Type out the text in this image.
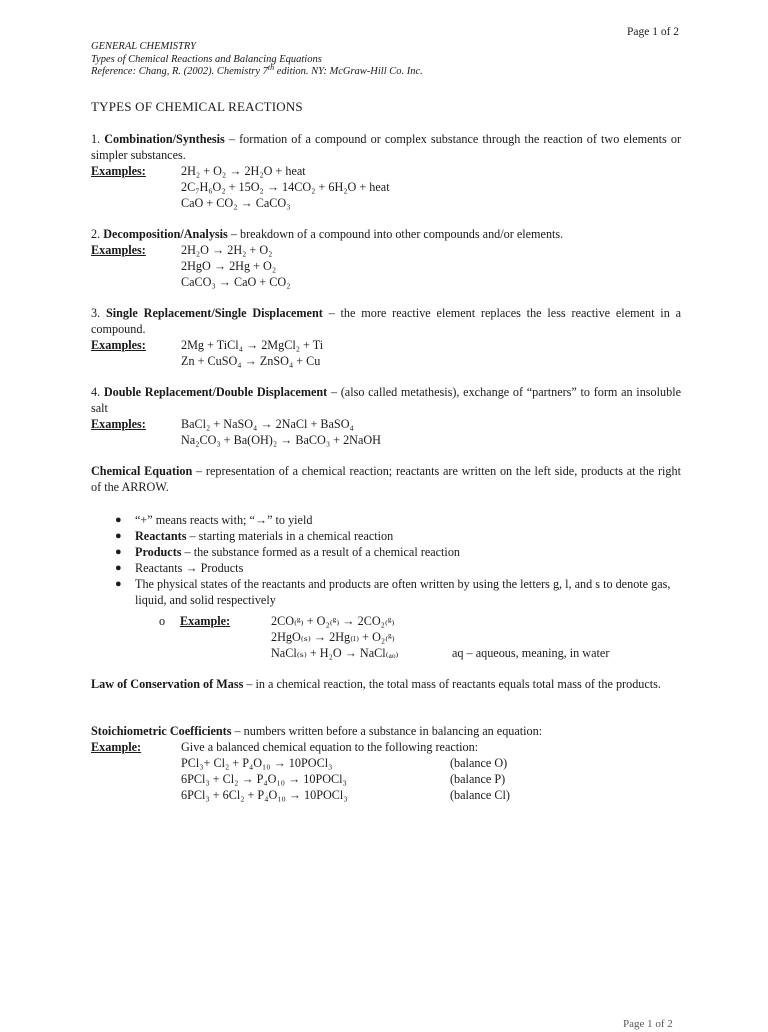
Page 1 of 2
GENERAL CHEMISTRY
Types of Chemical Reactions and Balancing Equations
Reference: Chang, R. (2002). Chemistry 7th edition. NY: McGraw-Hill Co. Inc.
TYPES OF CHEMICAL REACTIONS
1. Combination/Synthesis – formation of a compound or complex substance through the reaction of two elements or simpler substances.
Examples:	2H₂ + O₂ → 2H₂O + heat
2C₇H₆O₂ + 15O₂ → 14CO₂ + 6H₂O + heat
CaO + CO₂ → CaCO₃
2. Decomposition/Analysis – breakdown of a compound into other compounds and/or elements.
Examples:	2H₂O → 2H₂ + O₂
2HgO → 2Hg + O₂
CaCO₃ → CaO + CO₂
3. Single Replacement/Single Displacement – the more reactive element replaces the less reactive element in a compound.
Examples:	2Mg + TiCl₄ → 2MgCl₂ + Ti
Zn + CuSO₄ → ZnSO₄ + Cu
4. Double Replacement/Double Displacement – (also called metathesis), exchange of “partners” to form an insoluble salt
Examples:	BaCl₂ + NaSO₄ → 2NaCl + BaSO₄
Na₂CO₃ + Ba(OH)₂ → BaCO₃ + 2NaOH
Chemical Equation – representation of a chemical reaction; reactants are written on the left side, products at the right of the ARROW.
● “+” means reacts with; “→” to yield
● Reactants – starting materials in a chemical reaction
● Products – the substance formed as a result of a chemical reaction
● Reactants → Products
● The physical states of the reactants and products are often written by using the letters g, l, and s to denote gas, liquid, and solid respectively
o Example:	2CO₍ᵍ₎ + O₂₍ᵍ₎ → 2CO₂₍ᵍ₎
2HgO₍ₛ₎ → 2Hg₍ₗ₎ + O₂₍ᵍ₎
NaCl₍ₛ₎ + H₂O → NaCl₍ₐₒ₎	aq – aqueous, meaning, in water
Law of Conservation of Mass – in a chemical reaction, the total mass of reactants equals total mass of the products.
Stoichiometric Coefficients – numbers written before a substance in balancing an equation:
Example:	Give a balanced chemical equation to the following reaction:
PCl₃+ Cl₂ + P₄O₁₀ → 10POCl₃	(balance O)
6PCl₃ + Cl₂ → P₄O₁₀ → 10POCl₃	(balance P)
6PCl₃ + 6Cl₂ + P₄O₁₀ → 10POCl₃	(balance Cl)
Page 1 of 2
